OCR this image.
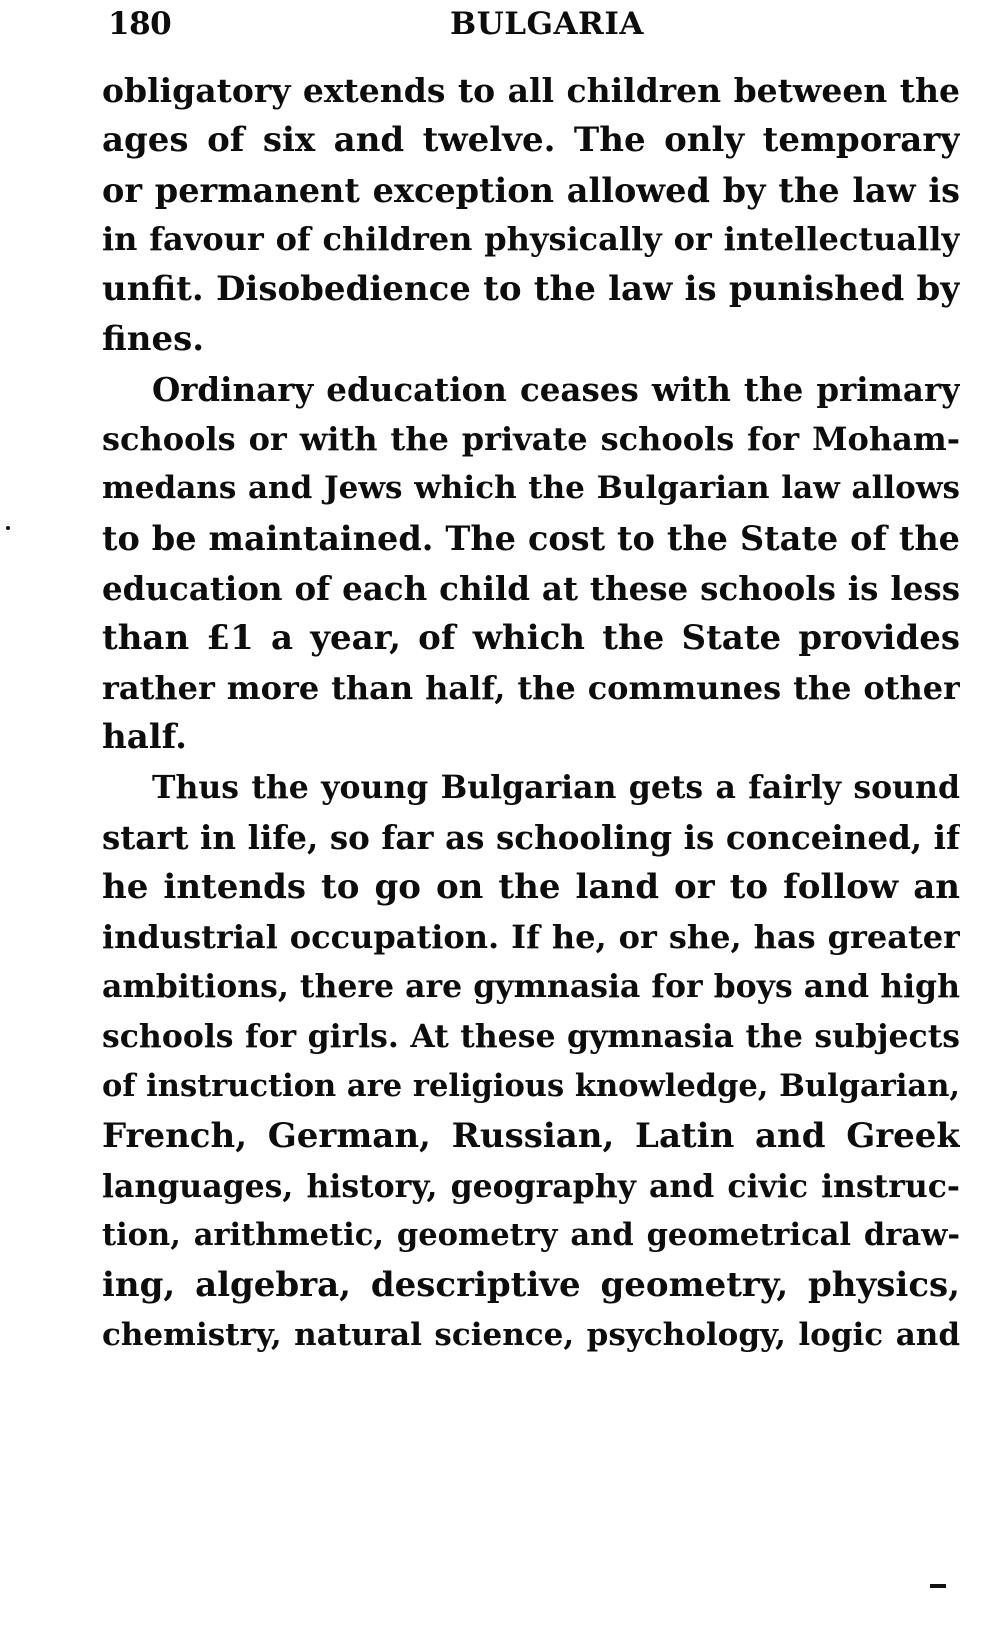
180	BULGARIA
obligatory extends to all children between the
ages of six and twelve. The only temporary
or permanent exception allowed by the law is
in favour of children physically or intellectually
unfit. Disobedience to the law is punished by
fines.
Ordinary education ceases with the primary
schools or with the private schools for Moham-
medans and Jews which the Bulgarian law allows
to be maintained. The cost to the State of the
education of each child at these schools is less
than £1 a year, of which the State provides
rather more than half, the communes the other
half.
Thus the young Bulgarian gets a fairly sound
start in life, so far as schooling is conceined, if
he intends to go on the land or to follow an
industrial occupation. If he, or she, has greater
ambitions, there are gymnasia for boys and high
schools for girls. At these gymnasia the subjects
of instruction are religious knowledge, Bulgarian,
French, German, Russian, Latin and Greek
languages, history, geography and civic instruc-
tion, arithmetic, geometry and geometrical draw-
ing, algebra, descriptive geometry, physics,
chemistry, natural science, psychology, logic and
